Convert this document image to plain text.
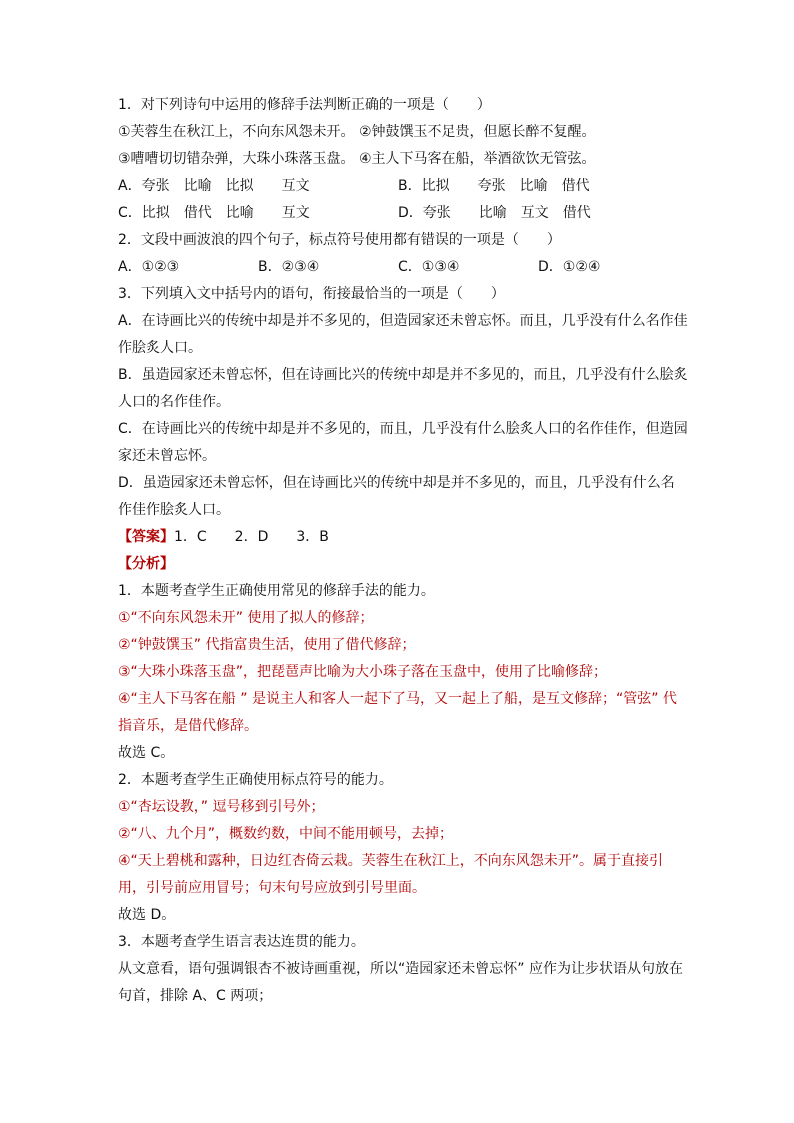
1．对下列诗句中运用的修辞手法判断正确的一项是（　　）
①芙蓉生在秋江上，不向东风怨未开。 ②钟鼓馔玉不足贵，但愿长醉不复醒。
③嘈嘈切切错杂弹，大珠小珠落玉盘。 ④主人下马客在船，举酒欲饮无管弦。
A．夸张　比喻　比拟　　互文	B．比拟　　夸张　比喻　借代
C．比拟　借代　比喻　　互文	D．夸张　　比喻　互文　借代
2．文段中画波浪的四个句子，标点符号使用都有错误的一项是（　　）
A．①②③	B．②③④	C．①③④	D．①②④
3．下列填入文中括号内的语句，衔接最恰当的一项是（　　）
A．在诗画比兴的传统中却是并不多见的，但造园家还未曾忘怀。而且，几乎没有什么名作佳作脍炙人口。
B．虽造园家还未曾忘怀，但在诗画比兴的传统中却是并不多见的，而且，几乎没有什么脍炙人口的名作佳作。
C．在诗画比兴的传统中却是并不多见的，而且，几乎没有什么脍炙人口的名作佳作，但造园家还未曾忘怀。
D．虽造园家还未曾忘怀，但在诗画比兴的传统中却是并不多见的，而且，几乎没有什么名作佳作脍炙人口。
【答案】1．C　　2．D　　3．B
【分析】
1．本题考查学生正确使用常见的修辞手法的能力。
①“不向东风怨未开” 使用了拟人的修辞；
②“钟鼓馔玉” 代指富贵生活，使用了借代修辞；
③“大珠小珠落玉盘”，把琵琶声比喻为大小珠子落在玉盘中，使用了比喻修辞；
④“主人下马客在船 ” 是说主人和客人一起下了马，又一起上了船，是互文修辞；“管弦” 代指音乐，是借代修辞。
故选 C。
2．本题考查学生正确使用标点符号的能力。
①“杏坛设教，” 逗号移到引号外；
②“八、九个月”，概数约数，中间不能用顿号，去掉；
④“天上碧桃和露种，日边红杏倚云栽。芙蓉生在秋江上，不向东风怨未开”。属于直接引用，引号前应用冒号；句末句号应放到引号里面。
故选 D。
3．本题考查学生语言表达连贯的能力。
从文意看，语句强调银杏不被诗画重视，所以“造园家还未曾忘怀” 应作为让步状语从句放在句首，排除 A、C 两项；
